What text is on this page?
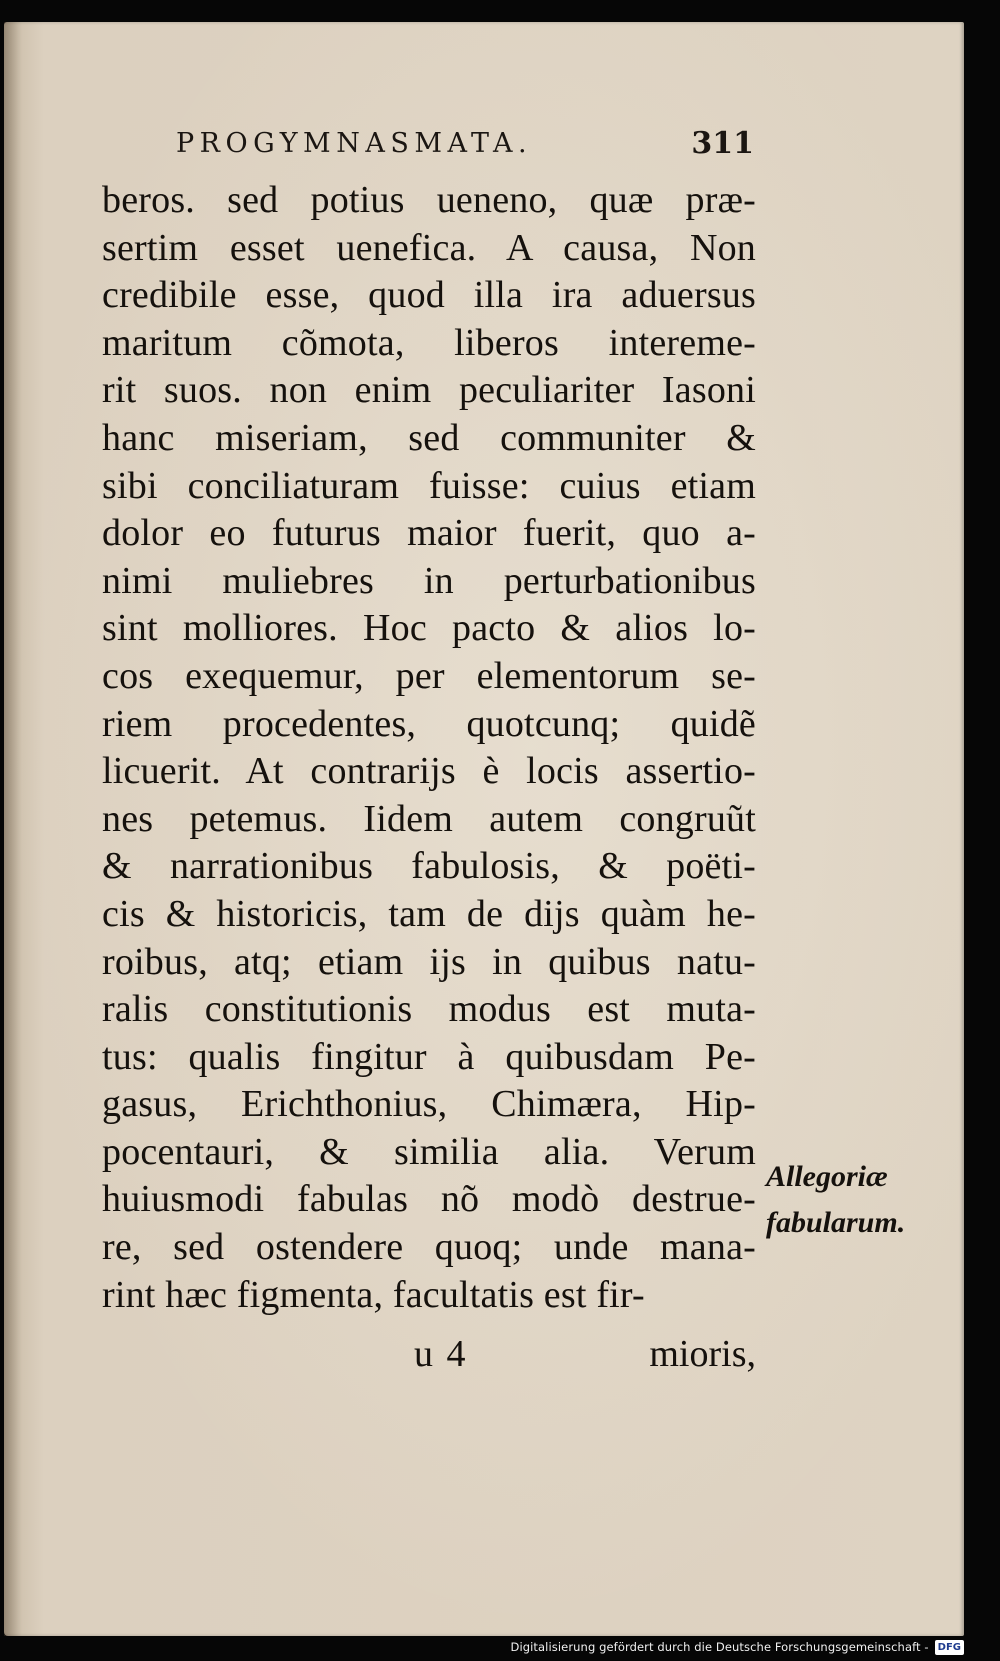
PROGYMNASMATA.	311
beros. sed potius ueneno, quæ præ-
sertim esset uenefica. A causa, Non
credibile esse, quod illa ira aduersus
maritum cõmota, liberos intereme-
rit suos. non enim peculiariter Iasoni
hanc miseriam, sed communiter &
sibi conciliaturam fuisse: cuius etiam
dolor eo futurus maior fuerit, quo a-
nimi muliebres in perturbationibus
sint molliores. Hoc pacto & alios lo-
cos exequemur, per elementorum se-
riem procedentes, quotcunq; quidẽ
licuerit. At contrarijs è locis assertio-
nes petemus. Iidem autem congruũt
& narrationibus fabulosis, & poëti-
cis & historicis, tam de dijs quàm he-
roibus, atq; etiam ijs in quibus natu-
ralis constitutionis modus est muta-
tus: qualis fingitur à quibusdam Pe-
gasus, Erichthonius, Chimæra, Hip-
pocentauri, & similia alia. Verum
huiusmodi fabulas nõ modò destrue-
re, sed ostendere quoq; unde mana-
rint hæc figmenta, facultatis est fir-
u 4	mioris,
Allegoriæ
fabularum.
Digitalisierung gefördert durch die Deutsche Forschungsgemeinschaft - DFG
